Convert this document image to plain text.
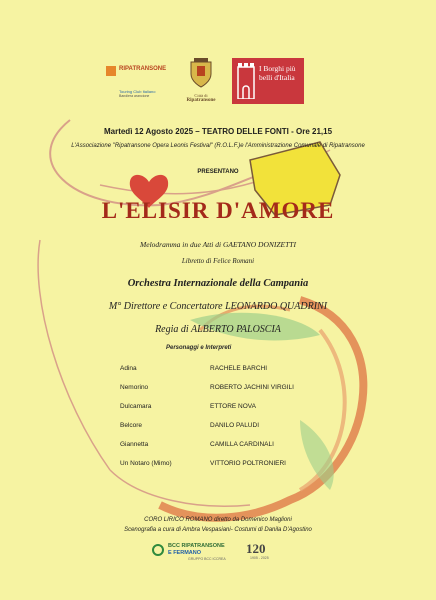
RIPATRANSONE
Touring Club Italiano
Bandiera arancione	Città di
Ripatransone
I Borghi più belli d'Italia
Martedì 12 Agosto 2025 – TEATRO DELLE FONTI - Ore 21,15
L'Associazione "Ripatransone Opera Leonis Festival" (R.O.L.F.)e l'Amministrazione Comunale di Ripatransone
PRESENTANO
L'ELISIR D'AMORE
Melodramma in due Atti di GAETANO DONIZETTI
Libretto di Felice Romani
Orchestra Internazionale della Campania
M° Direttore e Concertatore LEONARDO QUADRINI
Regia di ALBERTO PALOSCIA
Personaggi e Interpreti
Adina	RACHELE BARCHI
Nemorino	ROBERTO JACHINI VIRGILI
Dulcamara	ETTORE NOVA
Belcore	DANILO PALUDI
Giannetta	CAMILLA CARDINALI
Un Notaro (Mimo)	VITTORIO POLTRONIERI
CORO LIRICO ROMANO diretto da Domenico Maglioni
Scenografia a cura di Ambra Vespasiani- Costumi di Danila D'Agostino
BCC RIPATRANSONE
E FERMANO
GRUPPO BCC ICCREA
120
1905 - 2025
